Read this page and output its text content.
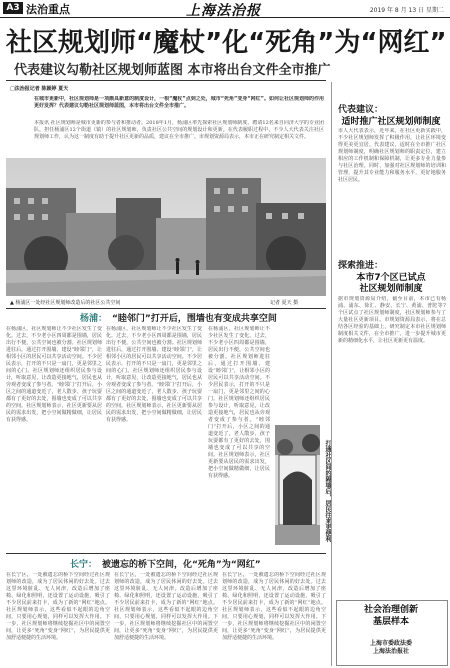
A3 法治重点	上海法治报	2019 年 8 月 13 日 星期二
社区规划师“魔杖”化“死角”为“网红”
代表建议勾勒社区规划师蓝图 本市将出台文件全市推广
□法治报记者 陈颖婷 夏天
在城市更新中，社区规划师是一项颇具新意的制度设计，一根“魔杖”点到之处，城市“死角”变身“网红”。如何让社区规划师的作用更好发挥？代表建议勾勒社区规划师蓝图，本市将出台文件全市推广。
本报讯 社区规划师是城市更新的参与者和推动者。2018年1月，杨浦区率先探索社区规划师制度，聘请12名来自同济大学的专业团队，担任杨浦区12个街道（镇）的社区规划师，负责社区公共空间的规划设计和更新。在代表履职过程中，不少人大代表关注社区规划师工作，认为这一制度有助于提升社区更新的品质，建议在全市推广。市规划资源局表示，本市正在研究制定相关文件。
▲ 杨浦区一处经社区规划师改造后的社区公共空间	记者 夏天 摄
杨浦： “睦邻门”打开后，围墙也有变成共享空间
在杨浦区，社区规划师让不少社区发生了变化。过去，不少老小区四周都是围墙，居民出行不便，公共空间也被分割。社区规划师进驻后，通过打开围墙、建设“睦邻门”，让相邻小区的居民可以共享活动空间。不少居民表示，打开的不只是一扇门，更是邻里之间的心门。社区规划师还组织居民参与设计，听取意见，让改造更接地气，居民也从旁观者变成了参与者。“睦邻门”打开后，小区之间的通道变近了，老人散步、孩子玩耍都有了更好的去处，围墙也变成了可以共享的空间。社区规划师表示，社区更新要从居民的需求出发，把小空间做精做细，让居民有获得感。
在杨浦区，社区规划师让不少社区发生了变化。过去，不少老小区四周都是围墙，居民出行不便，公共空间也被分割。社区规划师进驻后，通过打开围墙、建设“睦邻门”，让相邻小区的居民可以共享活动空间。不少居民表示，打开的不只是一扇门，更是邻里之间的心门。社区规划师还组织居民参与设计，听取意见，让改造更接地气，居民也从旁观者变成了参与者。“睦邻门”打开后，小区之间的通道变近了，老人散步、孩子玩耍都有了更好的去处，围墙也变成了可以共享的空间。社区规划师表示，社区更新要从居民的需求出发，把小空间做精做细，让居民有获得感。
在杨浦区，社区规划师让不少社区发生了变化。过去，不少老小区四周都是围墙，居民出行不便，公共空间也被分割。社区规划师进驻后，通过打开围墙、建设“睦邻门”，让相邻小区的居民可以共享活动空间。不少居民表示，打开的不只是一扇门，更是邻里之间的心门。社区规划师还组织居民参与设计，听取意见，让改造更接地气，居民也从旁观者变成了参与者。“睦邻门”打开后，小区之间的通道变近了，老人散步、孩子玩耍都有了更好的去处，围墙也变成了可以共享的空间。社区规划师表示，社区更新要从居民的需求出发，把小空间做精做细，让居民有获得感。	打通社区间的隔墙后，居民往来更便利
长宁： 被遗忘的桥下空间，化“死角”为“网红”
在长宁区，一处被遗忘的桥下空间经过社区规划师的改造，成为了居民休闲的好去处。过去这里环境脏乱、无人问津，改造后增加了座椅、绿化和照明，还设置了运动设施，吸引了不少居民前来打卡，成为了新的“网红”地点。社区规划师表示，这些看似不起眼的边角空间，只要用心规划，同样可以发挥大作用。下一步，社区规划师将继续挖掘社区中的闲置空间，让更多“死角”变身“网红”，为居民提供更加舒适便捷的生活环境。
在长宁区，一处被遗忘的桥下空间经过社区规划师的改造，成为了居民休闲的好去处。过去这里环境脏乱、无人问津，改造后增加了座椅、绿化和照明，还设置了运动设施，吸引了不少居民前来打卡，成为了新的“网红”地点。社区规划师表示，这些看似不起眼的边角空间，只要用心规划，同样可以发挥大作用。下一步，社区规划师将继续挖掘社区中的闲置空间，让更多“死角”变身“网红”，为居民提供更加舒适便捷的生活环境。
在长宁区，一处被遗忘的桥下空间经过社区规划师的改造，成为了居民休闲的好去处。过去这里环境脏乱、无人问津，改造后增加了座椅、绿化和照明，还设置了运动设施，吸引了不少居民前来打卡，成为了新的“网红”地点。社区规划师表示，这些看似不起眼的边角空间，只要用心规划，同样可以发挥大作用。下一步，社区规划师将继续挖掘社区中的闲置空间，让更多“死角”变身“网红”，为居民提供更加舒适便捷的生活环境。
代表建议：
适时推广社区规划师制度
市人大代表表示，近年来，在社区更新实践中，不少社区规划师发挥了积极作用，让社区环境变得更美更宜居。代表建议，适时在全市推广社区规划师制度，明确社区规划师的职责定位，建立相应的工作机制和保障机制，让更多专业力量参与社区治理。同时，加强对社区规划师的培训和管理，提升其专业能力和服务水平，更好地服务社区居民。
探索推进：
本市7个区已试点
社区规划师制度
据市规划资源局介绍，截至目前，本市已有杨浦、浦东、徐汇、静安、长宁、黄浦、普陀等7个区试点了社区规划师制度，社区规划师参与了大量社区更新项目。市规划资源局表示，将在总结各区经验的基础上，研究制定本市社区规划师制度相关文件，在全市推广，进一步提升城市更新的精细化水平，让社区更新更有温度。
社会治理创新
基层样本
上海市委政法委
上海法治报社
